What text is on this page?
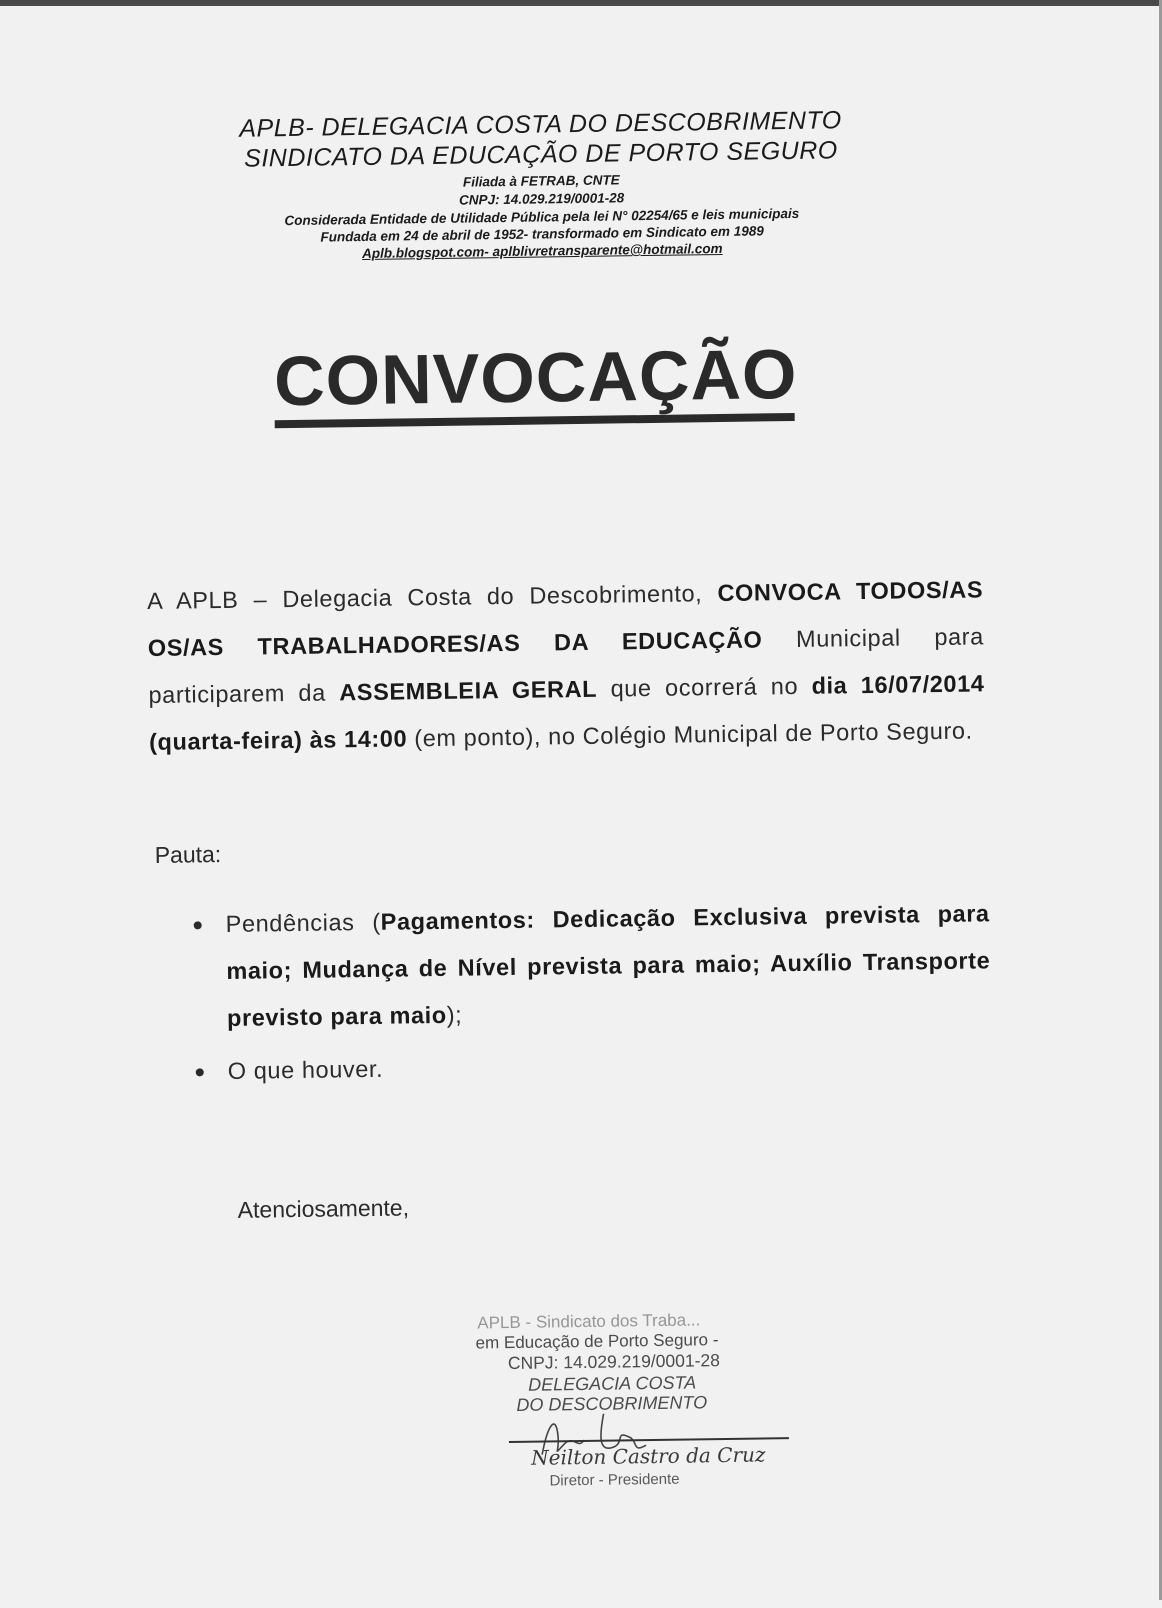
APLB- DELEGACIA COSTA DO DESCOBRIMENTO
SINDICATO DA EDUCAÇÃO DE PORTO SEGURO
Filiada à FETRAB, CNTE
CNPJ: 14.029.219/0001-28
Considerada Entidade de Utilidade Pública pela lei N° 02254/65 e leis municipais
Fundada em 24 de abril de 1952- transformado em Sindicato em 1989
Aplb.blogspot.com- aplblivretransparente@hotmail.com
CONVOCAÇÃO

A APLB – Delegacia Costa do Descobrimento, CONVOCA TODOS/AS OS/AS TRABALHADORES/AS DA EDUCAÇÃO Municipal para participarem da ASSEMBLEIA GERAL que ocorrerá no dia 16/07/2014 (quarta-feira) às 14:00 (em ponto), no Colégio Municipal de Porto Seguro.

Pauta:
Pendências (Pagamentos: Dedicação Exclusiva prevista para maio; Mudança de Nível prevista para maio; Auxílio Transporte previsto para maio);
O que houver.
Atenciosamente,
APLB - Sindicato dos Traba...
em Educação de Porto Seguro -
CNPJ: 14.029.219/0001-28
DELEGACIA COSTA
DO DESCOBRIMENTO
Neilton Castro da Cruz
Diretor - Presidente
